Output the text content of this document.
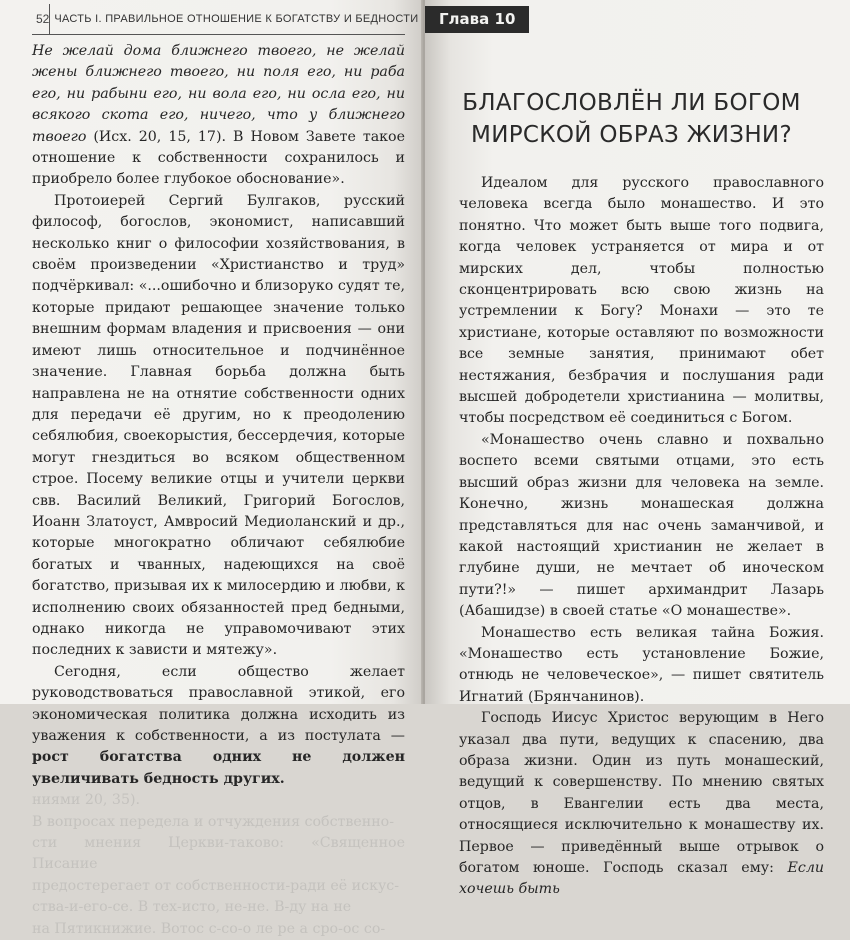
52 ЧАСТЬ I. ПРАВИЛЬНОЕ ОТНОШЕНИЕ К БОГАТСТВУ И БЕДНОСТИ

Не желай дома ближнего твоего, не желай жены ближнего твоего, ни поля его, ни раба его, ни рабыни его, ни вола его, ни осла его, ни всякого скота его, ничего, что у ближнего твоего (Исх. 20, 15, 17). В Новом Завете такое отношение к собственности сохранилось и приобрело более глубокое обоснование».

Протоиерей Сергий Булгаков, русский философ, богослов, экономист, написавший несколько книг о философии хозяйствования, в своём произведении «Христианство и труд» подчёркивал: «...ошибочно и близоруко судят те, которые придают решающее значение только внешним формам владения и присвоения — они имеют лишь относительное и подчинённое значение. Главная борьба должна быть направлена не на отнятие собственности одних для передачи её другим, но к преодолению себялюбия, своекорыстия, бессердечия, которые могут гнездиться во всяком общественном строе. Посему великие отцы и учители церкви свв. Василий Великий, Григорий Богослов, Иоанн Златоуст, Амвросий Медиоланский и др., которые многократно обличают себялюбие богатых и чванных, надеющихся на своё богатство, призывая их к милосердию и любви, к исполнению своих обязанностей пред бедными, однако никогда не управомочивают этих последних к зависти и мятежу».

Сегодня, если общество желает руководствоваться православной этикой, его экономическая политика должна исходить из уважения к собственности, а из постулата — рост богатства одних не должен увеличивать бедность других.

ниями 20, 35).

В вопросах передела и отчуждения собственно-

сти мнения Церкви-таково: «Священное Писание

предостерегает от собственности-ради её искус-

ства-и-его-се. В тех-исто, не-не. В-ду на не

на Пятикнижие. Вотос с-со-о ле ре а сро-ос со-

Глава 10
БЛАГОСЛОВЛЁН ЛИ БОГОМ
МИРСКОЙ ОБРАЗ ЖИЗНИ?

Идеалом для русского православного человека всегда было монашество. И это понятно. Что может быть выше того подвига, когда человек устраняется от мира и от мирских дел, чтобы полностью сконцентрировать всю свою жизнь на устремлении к Богу? Монахи — это те христиане, которые оставляют по возможности все земные занятия, принимают обет нестяжания, безбрачия и послушания ради высшей добродетели христианина — молитвы, чтобы посредством её соединиться с Богом.

«Монашество очень славно и похвально воспето всеми святыми отцами, это есть высший образ жизни для человека на земле. Конечно, жизнь монашеская должна представляться для нас очень заманчивой, и какой настоящий христианин не желает в глубине души, не мечтает об иноческом пути?!» — пишет архимандрит Лазарь (Абашидзе) в своей статье «О монашестве».

Монашество есть великая тайна Божия. «Монашество есть установление Божие, отнюдь не человеческое», — пишет святитель Игнатий (Брянчанинов).

Господь Иисус Христос верующим в Него указал два пути, ведущих к спасению, два образа жизни. Один из путь монашеский, ведущий к совершенству. По мнению святых отцов, в Евангелии есть два места, относящиеся исключительно к монашеству их. Первое — приведённый выше отрывок о богатом юноше. Господь сказал ему: Если хочешь быть
